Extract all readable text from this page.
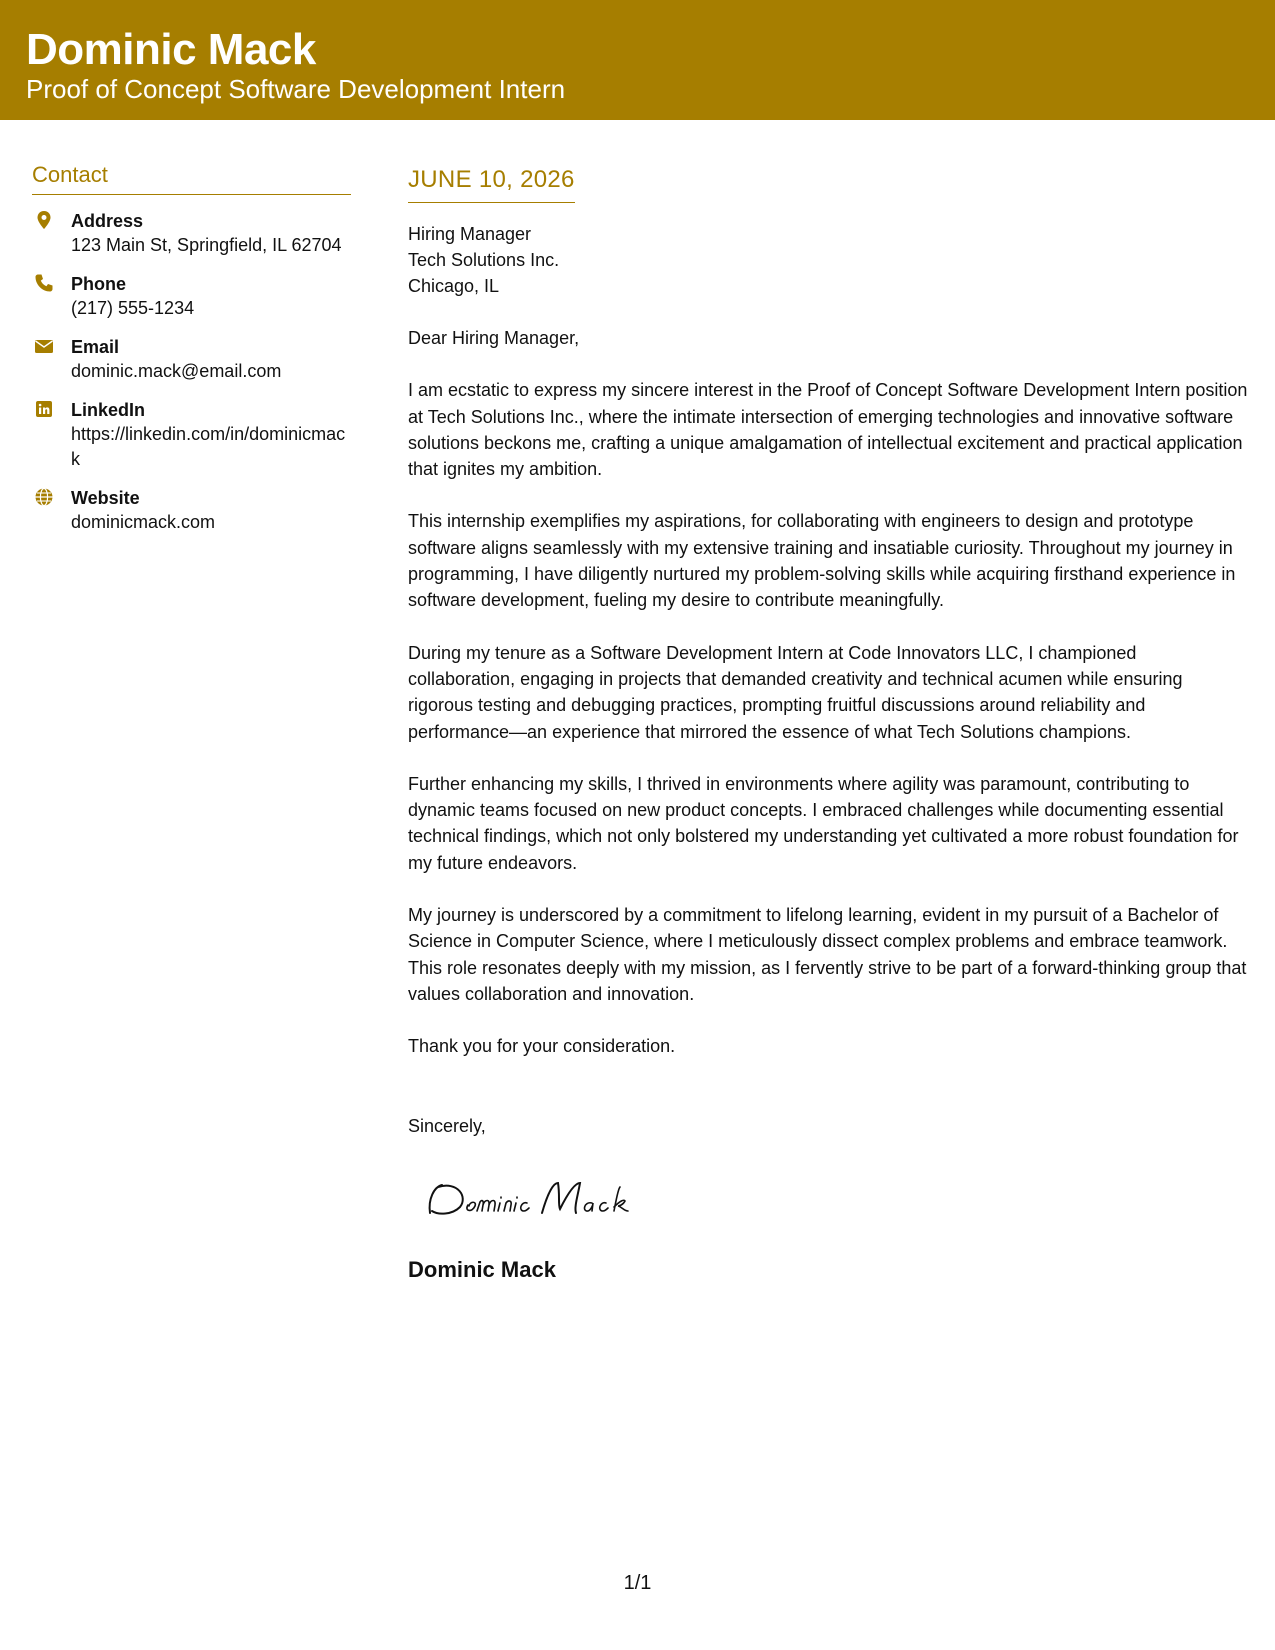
Dominic Mack
Proof of Concept Software Development Intern
Contact
Address
123 Main St, Springfield, IL 62704
Phone
(217) 555-1234
Email
dominic.mack@email.com
LinkedIn
https://linkedin.com/in/dominicmack
Website
dominicmack.com
JUNE 10, 2026
Hiring Manager
Tech Solutions Inc.
Chicago, IL
Dear Hiring Manager,
I am ecstatic to express my sincere interest in the Proof of Concept Software Development Intern position at Tech Solutions Inc., where the intimate intersection of emerging technologies and innovative software solutions beckons me, crafting a unique amalgamation of intellectual excitement and practical application that ignites my ambition.
This internship exemplifies my aspirations, for collaborating with engineers to design and prototype software aligns seamlessly with my extensive training and insatiable curiosity. Throughout my journey in programming, I have diligently nurtured my problem-solving skills while acquiring firsthand experience in software development, fueling my desire to contribute meaningfully.
During my tenure as a Software Development Intern at Code Innovators LLC, I championed collaboration, engaging in projects that demanded creativity and technical acumen while ensuring rigorous testing and debugging practices, prompting fruitful discussions around reliability and performance—an experience that mirrored the essence of what Tech Solutions champions.
Further enhancing my skills, I thrived in environments where agility was paramount, contributing to dynamic teams focused on new product concepts. I embraced challenges while documenting essential technical findings, which not only bolstered my understanding yet cultivated a more robust foundation for my future endeavors.
My journey is underscored by a commitment to lifelong learning, evident in my pursuit of a Bachelor of Science in Computer Science, where I meticulously dissect complex problems and embrace teamwork. This role resonates deeply with my mission, as I fervently strive to be part of a forward-thinking group that values collaboration and innovation.
Thank you for your consideration.
Sincerely,
Dominic Mack
1/1
